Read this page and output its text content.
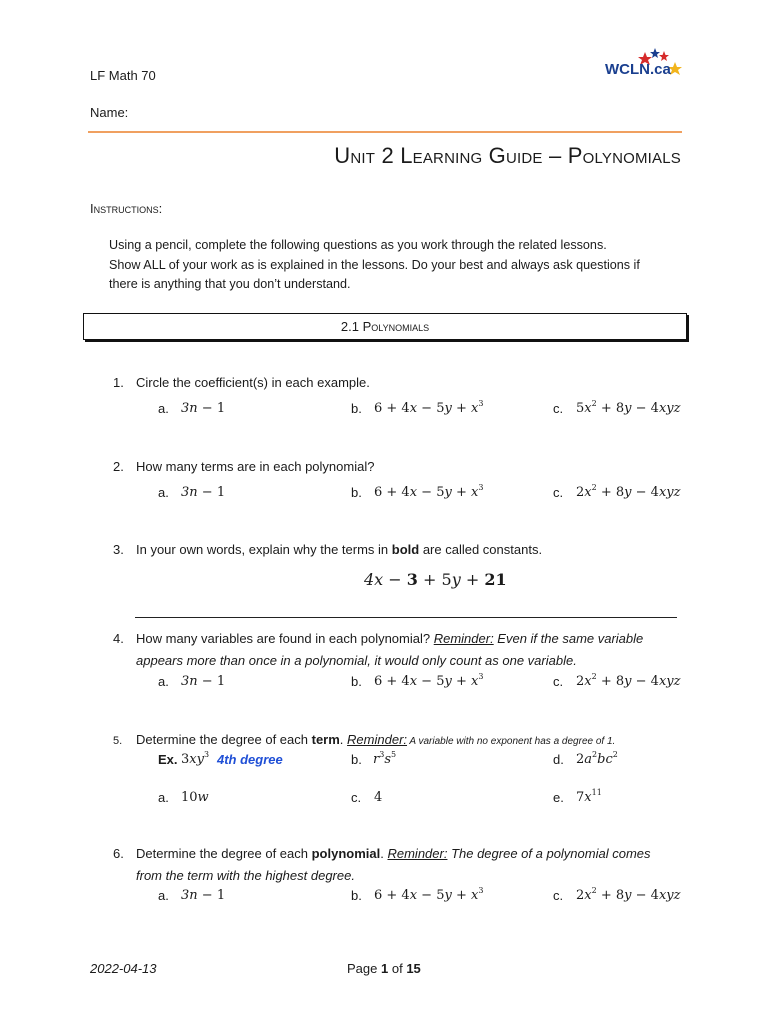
LF Math 70	WCLN.ca
Name:
Unit 2 Learning Guide – Polynomials
Instructions:
Using a pencil, complete the following questions as you work through the related lessons.
Show ALL of your work as is explained in the lessons. Do your best and always ask questions if
there is anything that you don’t understand.
2.1 Polynomials
1. Circle the coefficient(s) in each example.
a. 3n − 1	b. $6 + 4x - 5y + x^3$	c. $5x^2 + 8y - 4xyz$
2. How many terms are in each polynomial?
a. 3n − 1	b. $6 + 4x - 5y + x^3$	c. $2x^2 + 8y - 4xyz$
3. In your own words, explain why the terms in bold are called constants.
4x − 3 + 5y + 21
4. How many variables are found in each polynomial? Reminder: Even if the same variable
appears more than once in a polynomial, it would only count as one variable.
a. 3n − 1	b. $6 + 4x - 5y + x^3$	c. $2x^2 + 8y - 4xyz$
5. Determine the degree of each term. Reminder: A variable with no exponent has a degree of 1.
Ex. $3xy^3$ 4th degree	b. $r^3s^5$	d. $2a^2bc^2$
a. 10w	c. 4	e. $7x^{11}$
6. Determine the degree of each polynomial. Reminder: The degree of a polynomial comes
from the term with the highest degree.
a. 3n − 1	b. $6 + 4x - 5y + x^3$	c. $2x^2 + 8y - 4xyz$
2022-04-13	Page 1 of 15
